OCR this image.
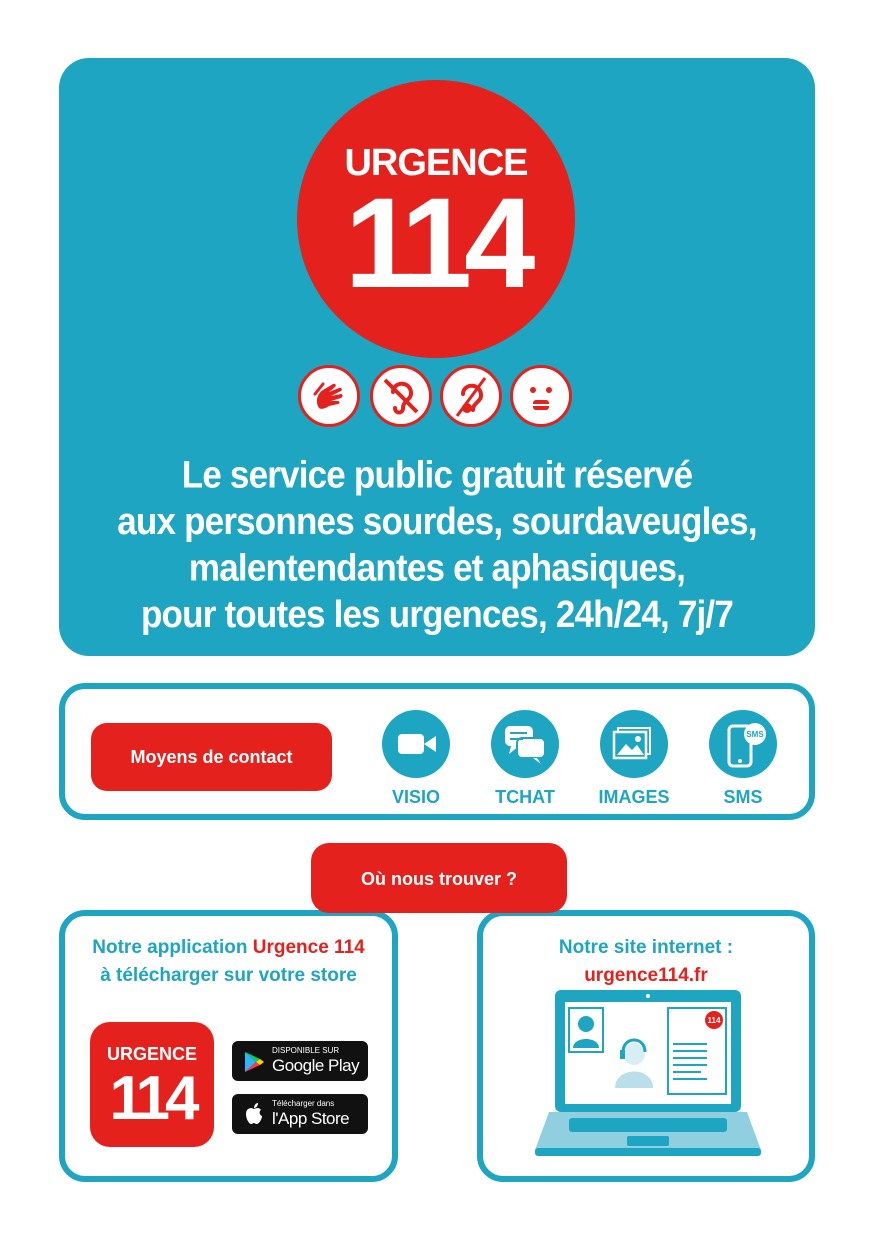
URGENCE
114
Le service public gratuit réservé
aux personnes sourdes, sourdaveugles,
malentendantes et aphasiques,
pour toutes les urgences, 24h/24, 7j/7
Moyens de contact
VISIO	TCHAT	IMAGES
SMS
SMS
Où nous trouver ?
Notre application Urgence 114
à télécharger sur votre store
URGENCE
114
DISPONIBLE SUR
Google Play
Télécharger dans
l'App Store
Notre site internet :
urgence114.fr
114
